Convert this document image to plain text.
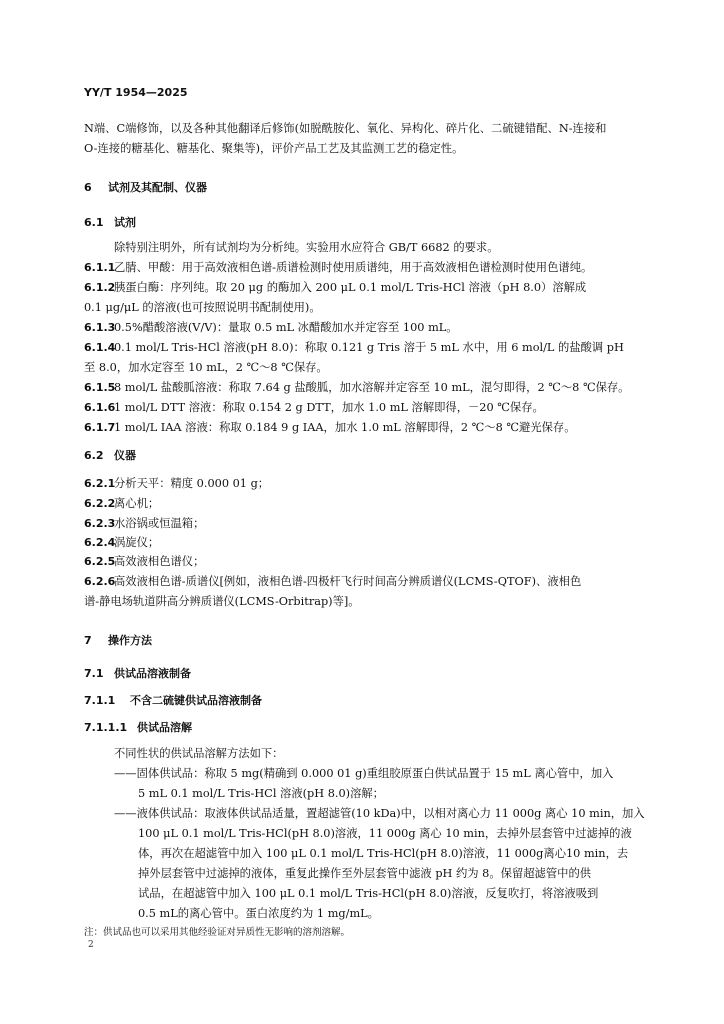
YY/T 1954—2025
N端、C端修饰，以及各种其他翻译后修饰(如脱酰胺化、氧化、异构化、碎片化、二硫键错配、N-连接和
O-连接的糖基化、糖基化、聚集等)，评价产品工艺及其监测工艺的稳定性。
6 试剂及其配制、仪器
6.1 试剂
除特别注明外，所有试剂均为分析纯。实验用水应符合 GB/T 6682 的要求。
6.1.1乙腈、甲酸：用于高效液相色谱-质谱检测时使用质谱纯，用于高效液相色谱检测时使用色谱纯。
6.1.2胰蛋白酶：序列纯。取 20 μg 的酶加入 200 μL 0.1 mol/L Tris-HCl 溶液（pH 8.0）溶解成
0.1 μg/μL 的溶液(也可按照说明书配制使用)。
6.1.30.5%醋酸溶液(V/V)：量取 0.5 mL 冰醋酸加水并定容至 100 mL。
6.1.40.1 mol/L Tris-HCl 溶液(pH 8.0)：称取 0.121 g Tris 溶于 5 mL 水中，用 6 mol/L 的盐酸调 pH
至 8.0，加水定容至 10 mL，2 ℃～8 ℃保存。
6.1.58 mol/L 盐酸胍溶液：称取 7.64 g 盐酸胍，加水溶解并定容至 10 mL，混匀即得，2 ℃～8 ℃保存。
6.1.61 mol/L DTT 溶液：称取 0.154 2 g DTT，加水 1.0 mL 溶解即得，－20 ℃保存。
6.1.71 mol/L IAA 溶液：称取 0.184 9 g IAA，加水 1.0 mL 溶解即得，2 ℃～8 ℃避光保存。
6.2 仪器
6.2.1分析天平：精度 0.000 01 g；
6.2.2离心机；
6.2.3水浴锅或恒温箱；
6.2.4涡旋仪；
6.2.5高效液相色谱仪；
6.2.6高效液相色谱-质谱仪[例如，液相色谱-四极杆飞行时间高分辨质谱仪(LCMS-QTOF)、液相色
谱-静电场轨道阱高分辨质谱仪(LCMS-Orbitrap)等]。
7 操作方法
7.1 供试品溶液制备
7.1.1 不含二硫键供试品溶液制备
7.1.1.1 供试品溶解
不同性状的供试品溶解方法如下：
——固体供试品：称取 5 mg(精确到 0.000 01 g)重组胶原蛋白供试品置于 15 mL 离心管中，加入
5 mL 0.1 mol/L Tris-HCl 溶液(pH 8.0)溶解；
——液体供试品：取液体供试品适量，置超滤管(10 kDa)中，以相对离心力 11 000g 离心 10 min，加入
100 μL 0.1 mol/L Tris-HCl(pH 8.0)溶液，11 000g 离心 10 min，去掉外层套管中过滤掉的液
体，再次在超滤管中加入 100 μL 0.1 mol/L Tris-HCl(pH 8.0)溶液，11 000g离心10 min，去
掉外层套管中过滤掉的液体，重复此操作至外层套管中滤液 pH 约为 8。保留超滤管中的供
试品，在超滤管中加入 100 μL 0.1 mol/L Tris-HCl(pH 8.0)溶液，反复吹打，将溶液吸到
0.5 mL的离心管中。蛋白浓度约为 1 mg/mL。
注：供试品也可以采用其他经验证对异质性无影响的溶剂溶解。
2
